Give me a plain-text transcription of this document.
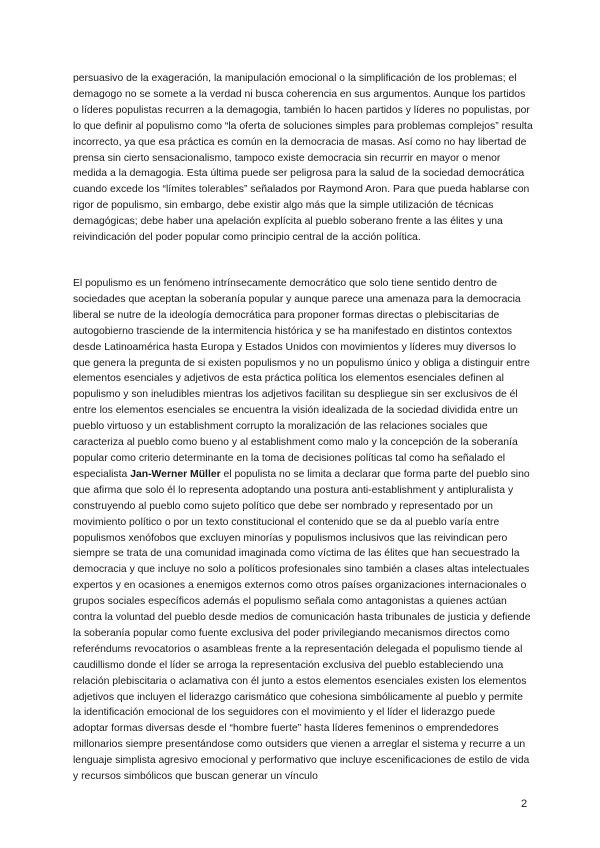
persuasivo de la exageración, la manipulación emocional o la simplificación de los problemas; el demagogo no se somete a la verdad ni busca coherencia en sus argumentos. Aunque los partidos o líderes populistas recurren a la demagogia, también lo hacen partidos y líderes no populistas, por lo que definir al populismo como “la oferta de soluciones simples para problemas complejos” resulta incorrecto, ya que esa práctica es común en la democracia de masas. Así como no hay libertad de prensa sin cierto sensacionalismo, tampoco existe democracia sin recurrir en mayor o menor medida a la demagogia. Esta última puede ser peligrosa para la salud de la sociedad democrática cuando excede los “límites tolerables” señalados por Raymond Aron. Para que pueda hablarse con rigor de populismo, sin embargo, debe existir algo más que la simple utilización de técnicas demagógicas; debe haber una apelación explícita al pueblo soberano frente a las élites y una reivindicación del poder popular como principio central de la acción política.

El populismo es un fenómeno intrínsecamente democrático que solo tiene sentido dentro de sociedades que aceptan la soberanía popular y aunque parece una amenaza para la democracia liberal se nutre de la ideología democrática para proponer formas directas o plebiscitarias de autogobierno trasciende de la intermitencia histórica y se ha manifestado en distintos contextos desde Latinoamérica hasta Europa y Estados Unidos con movimientos y líderes muy diversos lo que genera la pregunta de si existen populismos y no un populismo único y obliga a distinguir entre elementos esenciales y adjetivos de esta práctica política los elementos esenciales definen al populismo y son ineludibles mientras los adjetivos facilitan su despliegue sin ser exclusivos de él entre los elementos esenciales se encuentra la visión idealizada de la sociedad dividida entre un pueblo virtuoso y un establishment corrupto la moralización de las relaciones sociales que caracteriza al pueblo como bueno y al establishment como malo y la concepción de la soberanía popular como criterio determinante en la toma de decisiones políticas tal como ha señalado el especialista Jan-Werner Müller el populista no se limita a declarar que forma parte del pueblo sino que afirma que solo él lo representa adoptando una postura anti-establishment y antipluralista y construyendo al pueblo como sujeto político que debe ser nombrado y representado por un movimiento político o por un texto constitucional el contenido que se da al pueblo varía entre populismos xenófobos que excluyen minorías y populismos inclusivos que las reivindican pero siempre se trata de una comunidad imaginada como víctima de las élites que han secuestrado la democracia y que incluye no solo a políticos profesionales sino también a clases altas intelectuales expertos y en ocasiones a enemigos externos como otros países organizaciones internacionales o grupos sociales específicos además el populismo señala como antagonistas a quienes actúan contra la voluntad del pueblo desde medios de comunicación hasta tribunales de justicia y defiende la soberanía popular como fuente exclusiva del poder privilegiando mecanismos directos como referéndums revocatorios o asambleas frente a la representación delegada el populismo tiende al caudillismo donde el líder se arroga la representación exclusiva del pueblo estableciendo una relación plebiscitaria o aclamativa con él junto a estos elementos esenciales existen los elementos adjetivos que incluyen el liderazgo carismático que cohesiona simbólicamente al pueblo y permite la identificación emocional de los seguidores con el movimiento y el líder el liderazgo puede adoptar formas diversas desde el “hombre fuerte” hasta líderes femeninos o emprendedores millonarios siempre presentándose como outsiders que vienen a arreglar el sistema y recurre a un lenguaje simplista agresivo emocional y performativo que incluye escenificaciones de estilo de vida y recursos simbólicos que buscan generar un vínculo

2
